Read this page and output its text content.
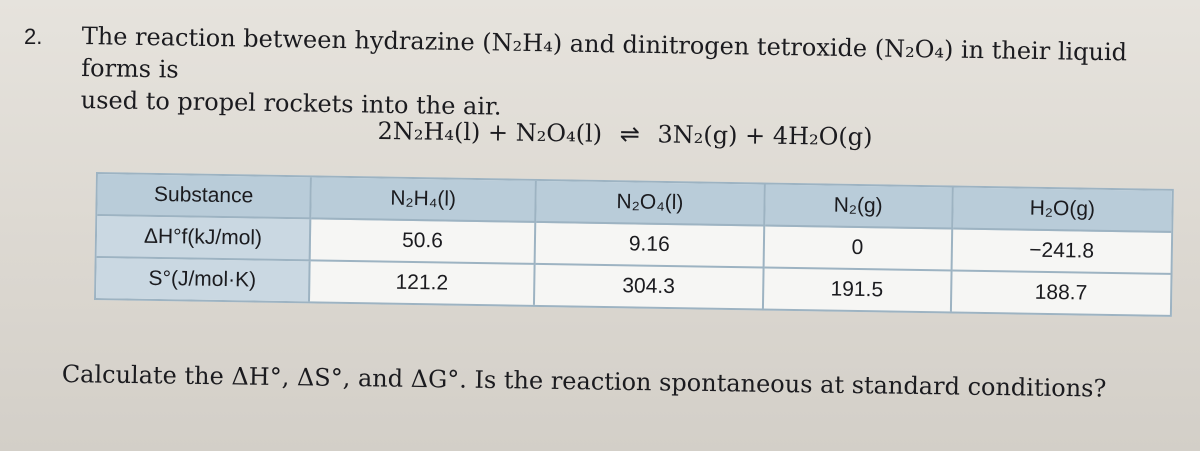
2. The reaction between hydrazine (N₂H₄) and dinitrogen tetroxide (N₂O₄) in their liquid forms is
used to propel rockets into the air.
2N₂H₄(l) + N₂O₄(l) ⇌ 3N₂(g) + 4H₂O(g)
Substance	N₂H₄(l)	N₂O₄(l)	N₂(g)	H₂O(g)
ΔH°f(kJ/mol)	50.6	9.16	0	−241.8
S°(J/mol·K)	121.2	304.3	191.5	188.7
Calculate the ΔH°, ΔS°, and ΔG°. Is the reaction spontaneous at standard conditions?
